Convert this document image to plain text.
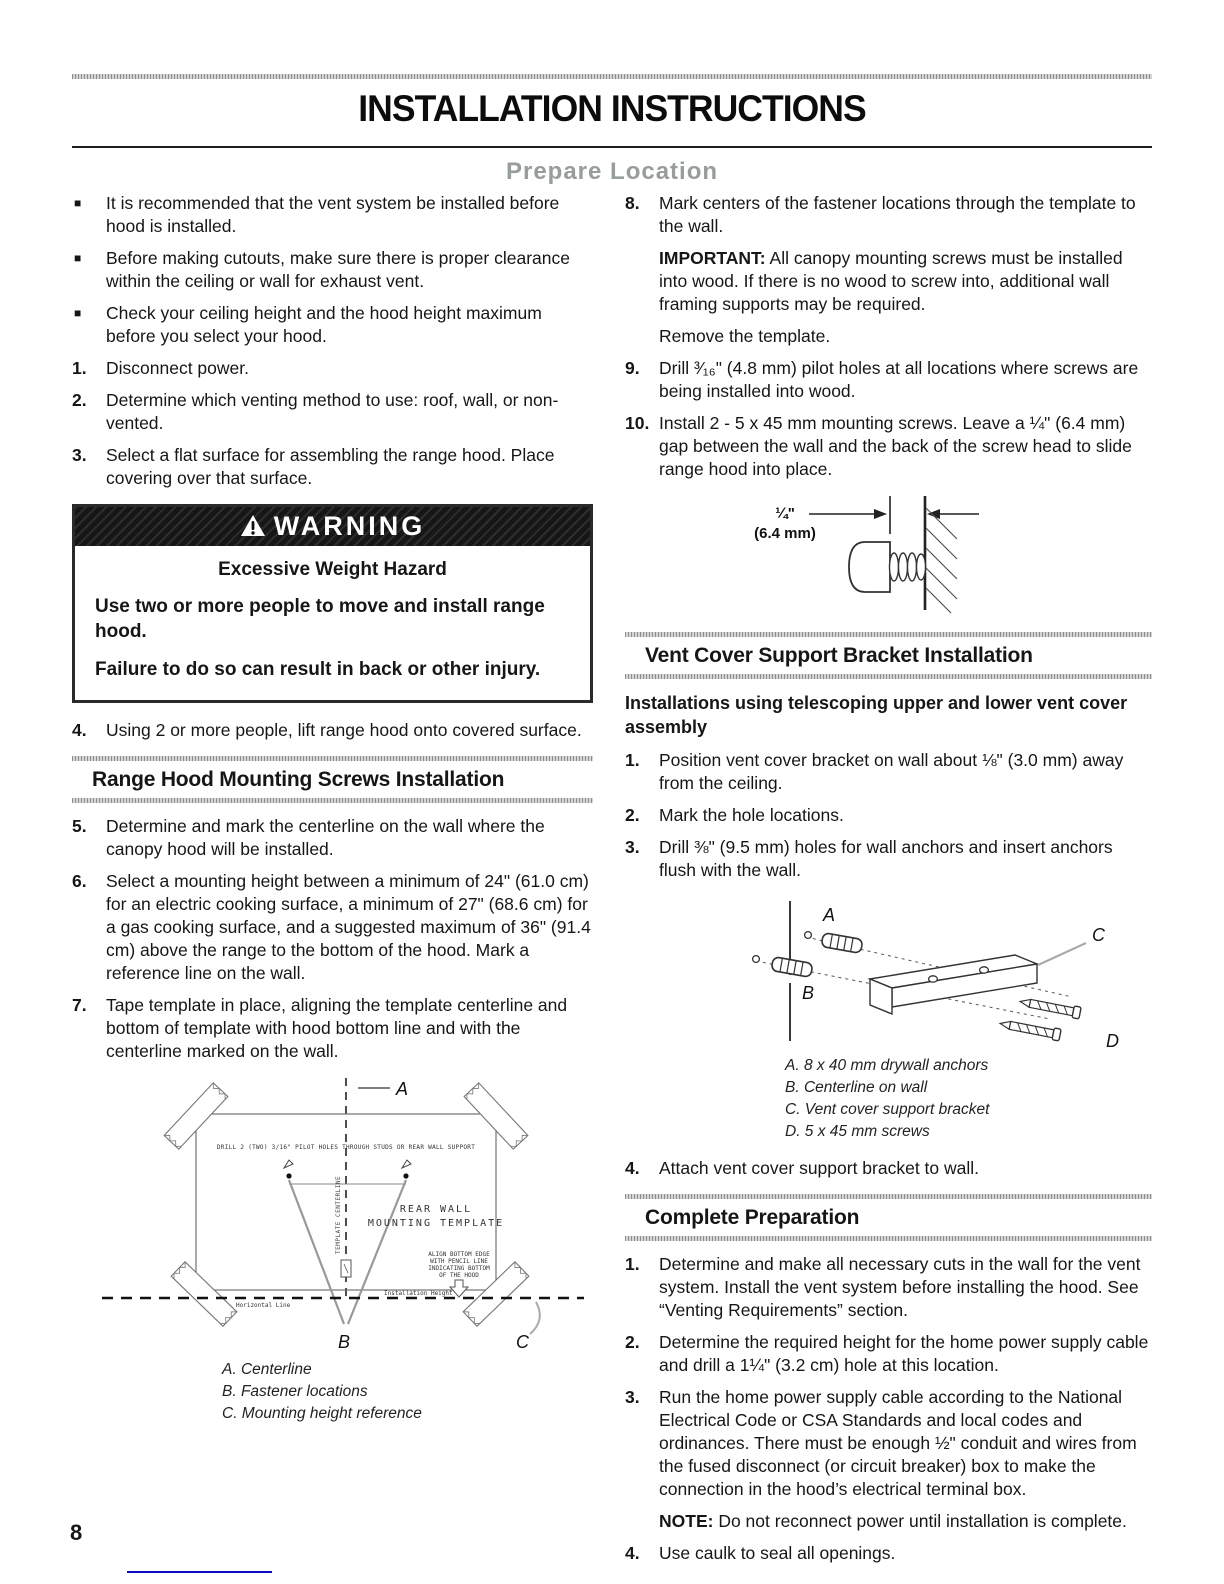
INSTALLATION INSTRUCTIONS
Prepare Location
■	It is recommended that the vent system be installed before hood is installed.
■	Before making cutouts, make sure there is proper clearance within the ceiling or wall for exhaust vent.
■	Check your ceiling height and the hood height maximum before you select your hood.
1.	Disconnect power.
2.	Determine which venting method to use: roof, wall, or non-vented.
3.	Select a flat surface for assembling the range hood. Place covering over that surface.
WARNING
Excessive Weight Hazard
Use two or more people to move and install range hood.
Failure to do so can result in back or other injury.
4.	Using 2 or more people, lift range hood onto covered surface.
Range Hood Mounting Screws Installation
5.	Determine and mark the centerline on the wall where the canopy hood will be installed.
6.	Select a mounting height between a minimum of 24" (61.0 cm) for an electric cooking surface, a minimum of 27" (68.6 cm) for a gas cooking surface, and a suggested maximum of 36" (91.4 cm) above the range to the bottom of the hood. Mark a reference line on the wall.
7.	Tape template in place, aligning the template centerline and bottom of template with hood bottom line and with the centerline marked on the wall.
A
DRILL 2 (TWO) 3/16" PILOT HOLES THROUGH STUDS OR REAR WALL SUPPORT
TEMPLATE CENTERLINE	REAR WALL
MOUNTING TEMPLATE
ALIGN BOTTOM EDGE
WITH PENCIL LINE
INDICATING BOTTOM
OF THE HOOD
Horizontal Line
Installation Height
B	C
A. Centerline
B. Fastener locations
C. Mounting height reference
8.	Mark centers of the fastener locations through the template to the wall.
IMPORTANT: All canopy mounting screws must be installed into wood. If there is no wood to screw into, additional wall framing supports may be required.
Remove the template.
9.	Drill ³⁄₁₆" (4.8 mm) pilot holes at all locations where screws are being installed into wood.
10. Install 2 - 5 x 45 mm mounting screws. Leave a ¼" (6.4 mm) gap between the wall and the back of the screw head to slide range hood into place.
¼"
(6.4 mm)
Vent Cover Support Bracket Installation
Installations using telescoping upper and lower vent cover assembly
1.	Position vent cover bracket on wall about ⅛" (3.0 mm) away from the ceiling.
2.	Mark the hole locations.
3.	Drill ⅜" (9.5 mm) holes for wall anchors and insert anchors flush with the wall.
B
A
C
D
A. 8 x 40 mm drywall anchors
B. Centerline on wall
C. Vent cover support bracket
D. 5 x 45 mm screws
4.	Attach vent cover support bracket to wall.
Complete Preparation
1.	Determine and make all necessary cuts in the wall for the vent system. Install the vent system before installing the hood. See “Venting Requirements” section.
2.	Determine the required height for the home power supply cable and drill a 1¼" (3.2 cm) hole at this location.
3.	Run the home power supply cable according to the National Electrical Code or CSA Standards and local codes and ordinances. There must be enough ½" conduit and wires from the fused disconnect (or circuit breaker) box to make the connection in the hood’s electrical terminal box.
NOTE: Do not reconnect power until installation is complete.
4.	Use caulk to seal all openings.
8
